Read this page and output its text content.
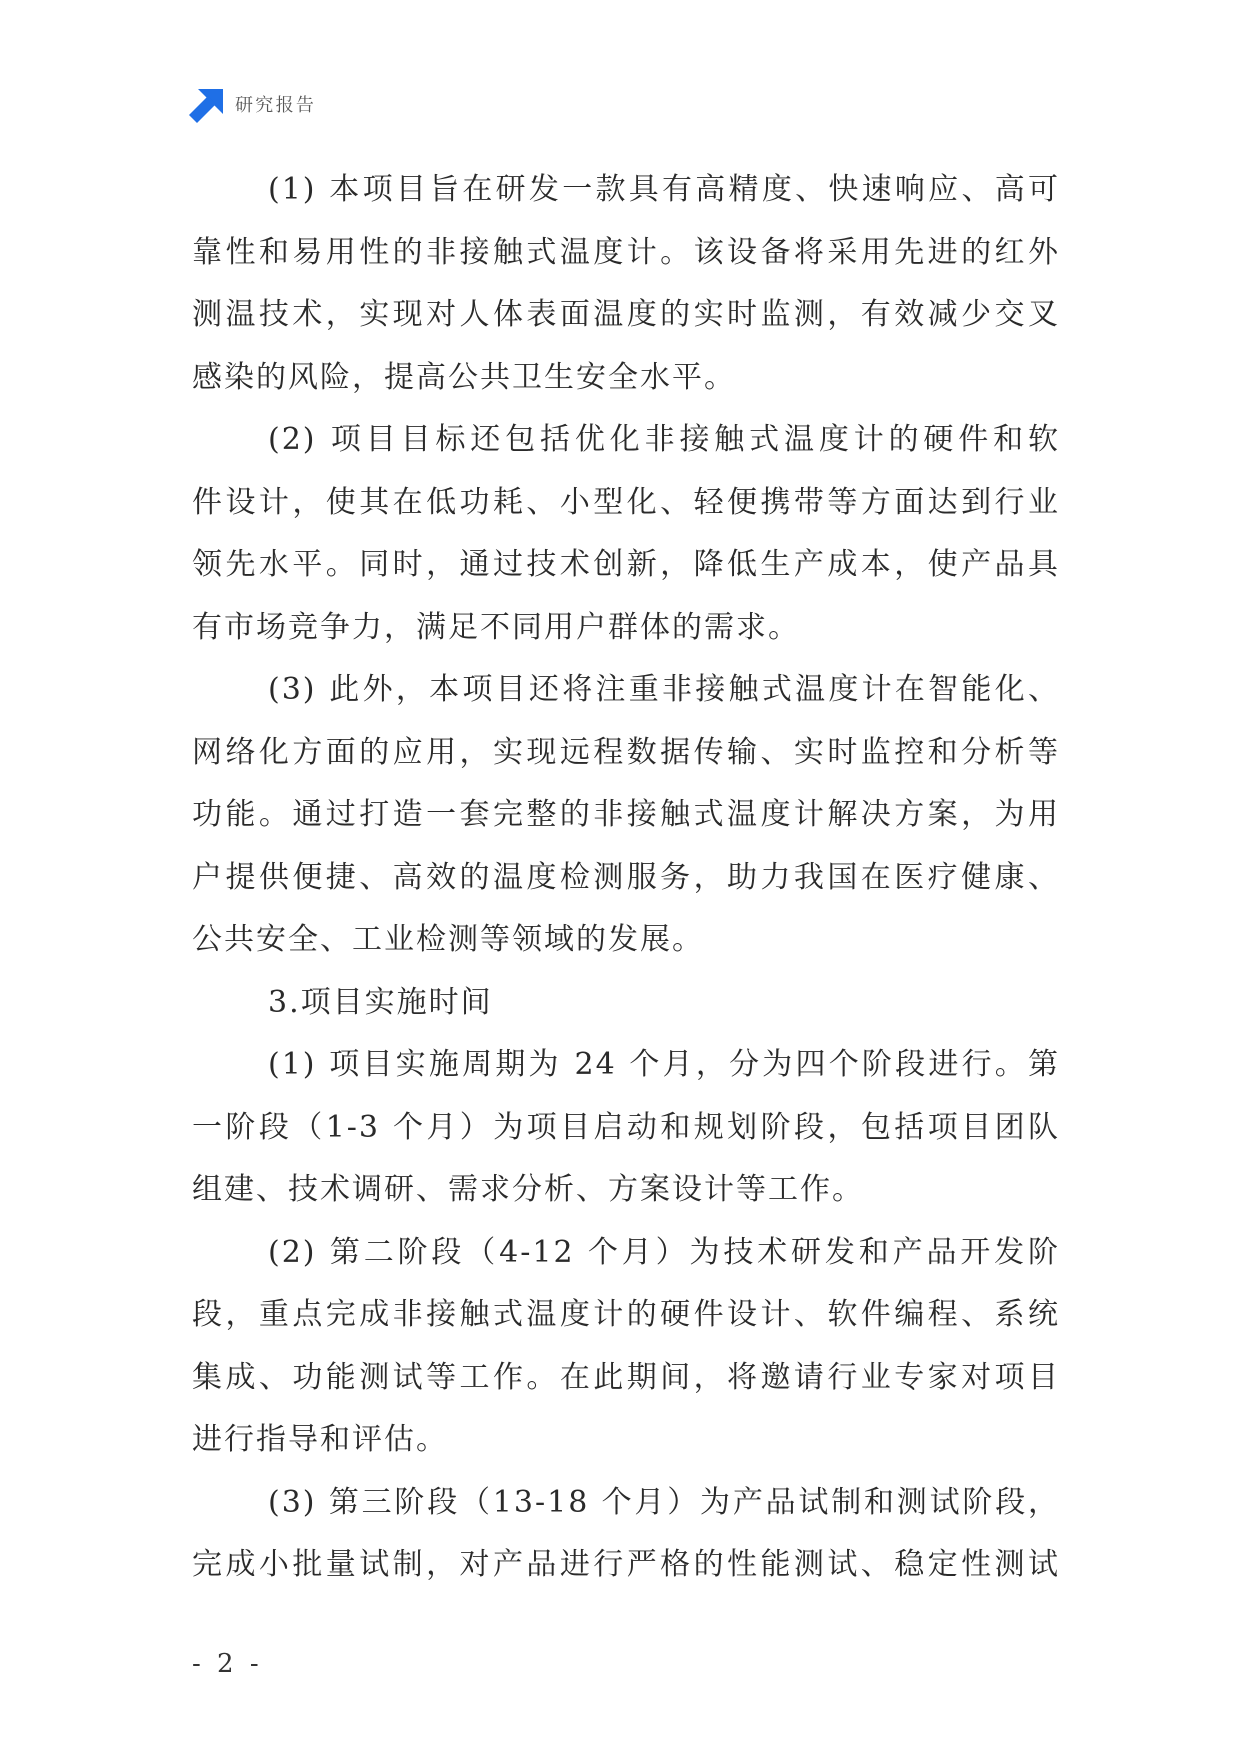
研究报告
(1) 本项目旨在研发一款具有高精度、快速响应、高可
靠性和易用性的非接触式温度计。该设备将采用先进的红外
测温技术，实现对人体表面温度的实时监测，有效减少交叉
感染的风险，提高公共卫生安全水平。
(2) 项目目标还包括优化非接触式温度计的硬件和软
件设计，使其在低功耗、小型化、轻便携带等方面达到行业
领先水平。同时，通过技术创新，降低生产成本，使产品具
有市场竞争力，满足不同用户群体的需求。
(3) 此外，本项目还将注重非接触式温度计在智能化、
网络化方面的应用，实现远程数据传输、实时监控和分析等
功能。通过打造一套完整的非接触式温度计解决方案，为用
户提供便捷、高效的温度检测服务，助力我国在医疗健康、
公共安全、工业检测等领域的发展。
3.项目实施时间
(1) 项目实施周期为 24 个月，分为四个阶段进行。第
一阶段（1-3 个月）为项目启动和规划阶段，包括项目团队
组建、技术调研、需求分析、方案设计等工作。
(2) 第二阶段（4-12 个月）为技术研发和产品开发阶
段，重点完成非接触式温度计的硬件设计、软件编程、系统
集成、功能测试等工作。在此期间，将邀请行业专家对项目
进行指导和评估。
(3) 第三阶段（13-18 个月）为产品试制和测试阶段，
完成小批量试制，对产品进行严格的性能测试、稳定性测试
- 2 -
